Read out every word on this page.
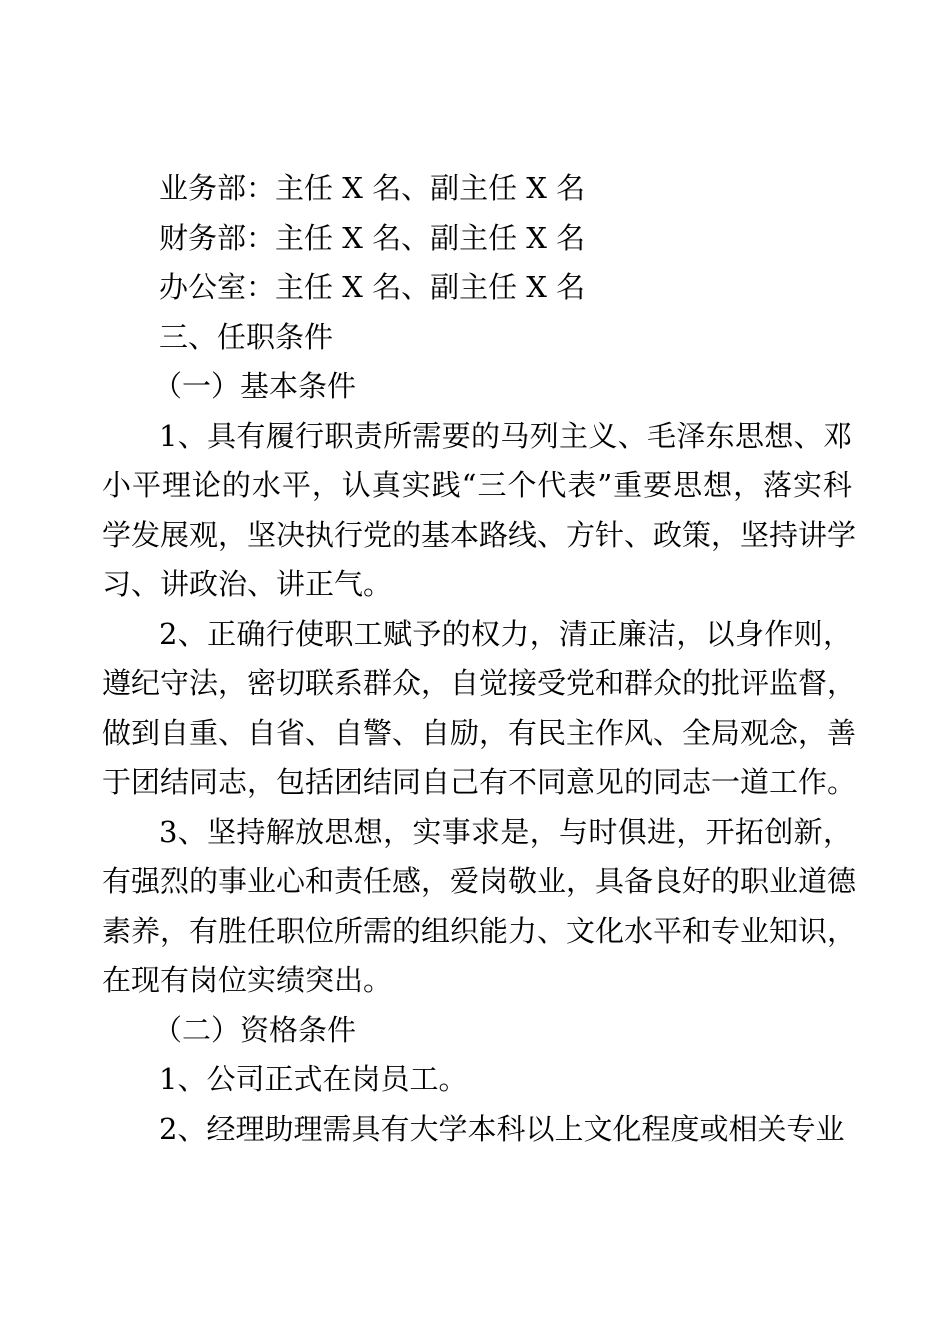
业务部：主任 X 名、副主任 X 名

财务部：主任 X 名、副主任 X 名

办公室：主任 X 名、副主任 X 名

三、任职条件

（一）基本条件

1、具有履行职责所需要的马列主义、毛泽东思想、邓
小平理论的水平，认真实践“三个代表”重要思想，落实科
学发展观，坚决执行党的基本路线、方针、政策，坚持讲学
习、讲政治、讲正气。
2、正确行使职工赋予的权力，清正廉洁，以身作则，
遵纪守法，密切联系群众，自觉接受党和群众的批评监督，
做到自重、自省、自警、自励，有民主作风、全局观念，善
于团结同志，包括团结同自己有不同意见的同志一道工作。
3、坚持解放思想，实事求是，与时俱进，开拓创新，
有强烈的事业心和责任感，爱岗敬业，具备良好的职业道德
素养，有胜任职位所需的组织能力、文化水平和专业知识，
在现有岗位实绩突出。

（二）资格条件

1、公司正式在岗员工。

2、经理助理需具有大学本科以上文化程度或相关专业
